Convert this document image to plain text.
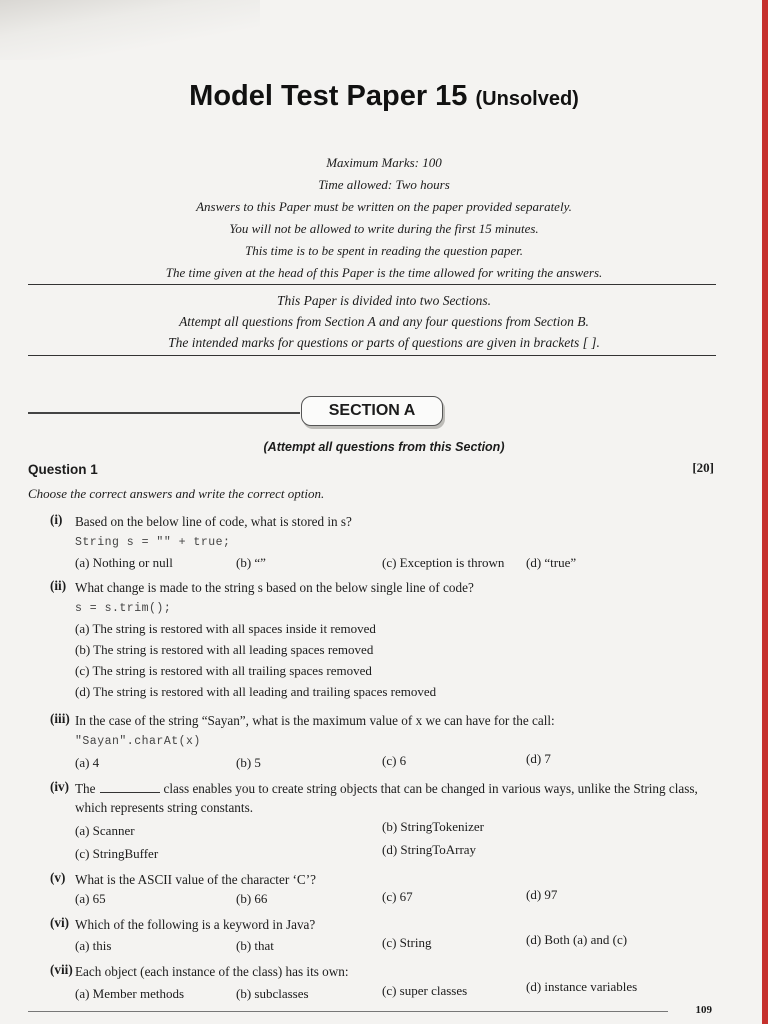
Model Test Paper 15 (Unsolved)
Maximum Marks: 100
Time allowed: Two hours
Answers to this Paper must be written on the paper provided separately.
You will not be allowed to write during the first 15 minutes.
This time is to be spent in reading the question paper.
The time given at the head of this Paper is the time allowed for writing the answers.
This Paper is divided into two Sections.
Attempt all questions from Section A and any four questions from Section B.
The intended marks for questions or parts of questions are given in brackets [ ].
SECTION A
(Attempt all questions from this Section)
Question 1	[20]
Choose the correct answers and write the correct option.
(i) Based on the below line of code, what is stored in s?
String s = "" + true;
(a) Nothing or null	(b) “”	(c) Exception is thrown (d) “true”
(ii) What change is made to the string s based on the below single line of code?
s = s.trim();
(a) The string is restored with all spaces inside it removed
(b) The string is restored with all leading spaces removed
(c) The string is restored with all trailing spaces removed
(d) The string is restored with all leading and trailing spaces removed
(iii) In the case of the string “Sayan”, what is the maximum value of x we can have for the call:
"Sayan".charAt(x)
(a) 4	(b) 5	(c) 6	(d) 7
(iv) The	class enables you to create string objects that can be changed in various ways, unlike the String class, which represents string constants.
(a) Scanner	(b) StringTokenizer
(c) StringBuffer	(d) StringToArray
(v) What is the ASCII value of the character ‘C’?
(a) 65	(b) 66	(c) 67	(d) 97
(vi) Which of the following is a keyword in Java?
(a) this	(b) that	(c) String	(d) Both (a) and (c)
(vii) Each object (each instance of the class) has its own:
(a) Member methods	(b) subclasses	(c) super classes	(d) instance variables
109
